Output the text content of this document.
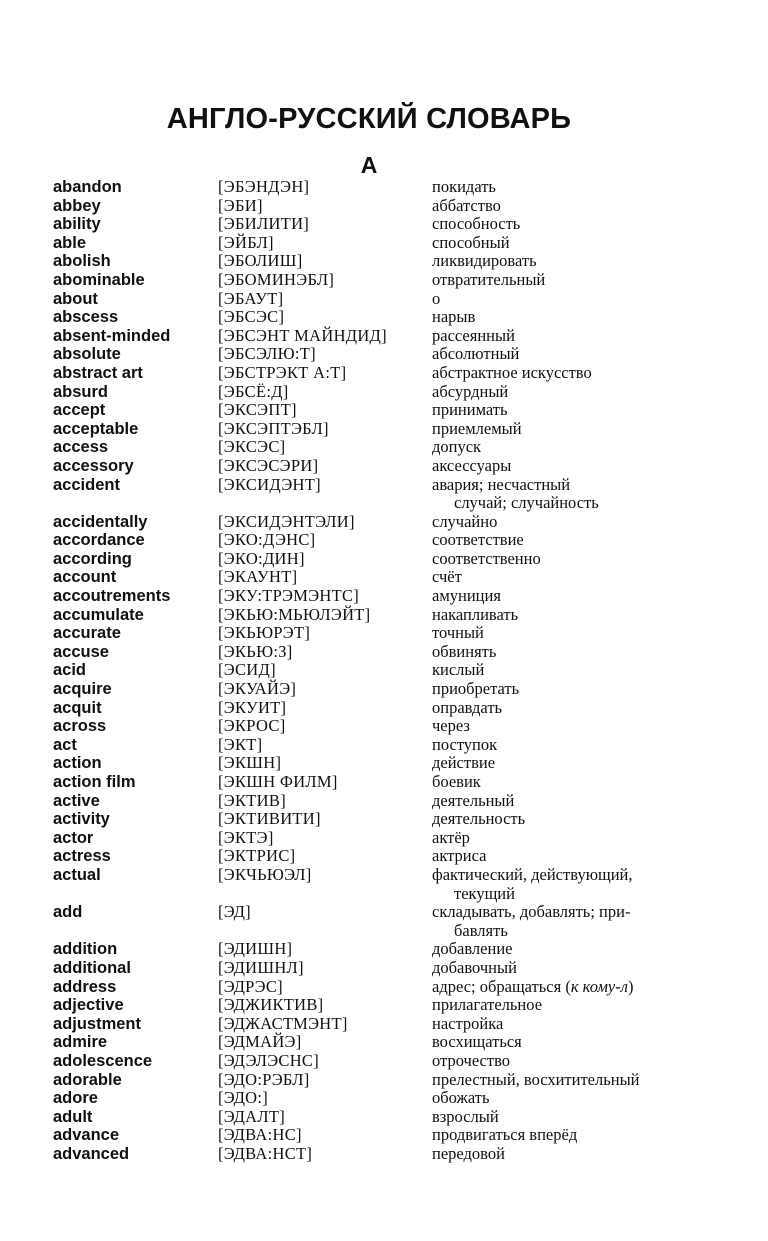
АНГЛО-РУССКИЙ СЛОВАРЬ
А
abandon	[ЭБЭНДЭН]	покидать
abbey	[ЭБИ]	аббатство
ability	[ЭБИЛИТИ]	способность
able	[ЭЙБЛ]	способный
abolish	[ЭБОЛИШ]	ликвидировать
abominable	[ЭБОМИНЭБЛ]	отвратительный
about	[ЭБАУТ]	о
abscess	[ЭБСЭС]	нарыв
absent-minded	[ЭБСЭНТ МАЙНДИД]	рассеянный
absolute	[ЭБСЭЛЮ:Т]	абсолютный
abstract art	[ЭБСТРЭКТ А:Т]	абстрактное искусство
absurd	[ЭБСЁ:Д]	абсурдный
accept	[ЭКСЭПТ]	принимать
acceptable	[ЭКСЭПТЭБЛ]	приемлемый
access	[ЭКСЭС]	допуск
accessory	[ЭКСЭСЭРИ]	аксессуары
accident	[ЭКСИДЭНТ]	авария; несчастный
случай; случайность
accidentally	[ЭКСИДЭНТЭЛИ]	случайно
accordance	[ЭКО:ДЭНС]	соответствие
according	[ЭКО:ДИН]	соответственно
account	[ЭКАУНТ]	счёт
accoutrements	[ЭКУ:ТРЭМЭНТС]	амуниция
accumulate	[ЭКЬЮ:МЬЮЛЭЙТ]	накапливать
accurate	[ЭКЬЮРЭТ]	точный
accuse	[ЭКЬЮ:З]	обвинять
acid	[ЭСИД]	кислый
acquire	[ЭКУАЙЭ]	приобретать
acquit	[ЭКУИТ]	оправдать
across	[ЭКРОС]	через
act	[ЭКТ]	поступок
action	[ЭКШН]	действие
action film	[ЭКШН ФИЛМ]	боевик
active	[ЭКТИВ]	деятельный
activity	[ЭКТИВИТИ]	деятельность
actor	[ЭКТЭ]	актёр
actress	[ЭКТРИС]	актриса
actual	[ЭКЧЬЮЭЛ]	фактический, действующий,
текущий
add	[ЭД]	складывать, добавлять; при-
бавлять
addition	[ЭДИШН]	добавление
additional	[ЭДИШНЛ]	добавочный
address	[ЭДРЭС]	адрес; обращаться (к кому-л)
adjective	[ЭДЖИКТИВ]	прилагательное
adjustment	[ЭДЖАСТМЭНТ]	настройка
admire	[ЭДМАЙЭ]	восхищаться
adolescence	[ЭДЭЛЭСНС]	отрочество
adorable	[ЭДО:РЭБЛ]	прелестный, восхитительный
adore	[ЭДО:]	обожать
adult	[ЭДАЛТ]	взрослый
advance	[ЭДВА:НС]	продвигаться вперёд
advanced	[ЭДВА:НСТ]	передовой
